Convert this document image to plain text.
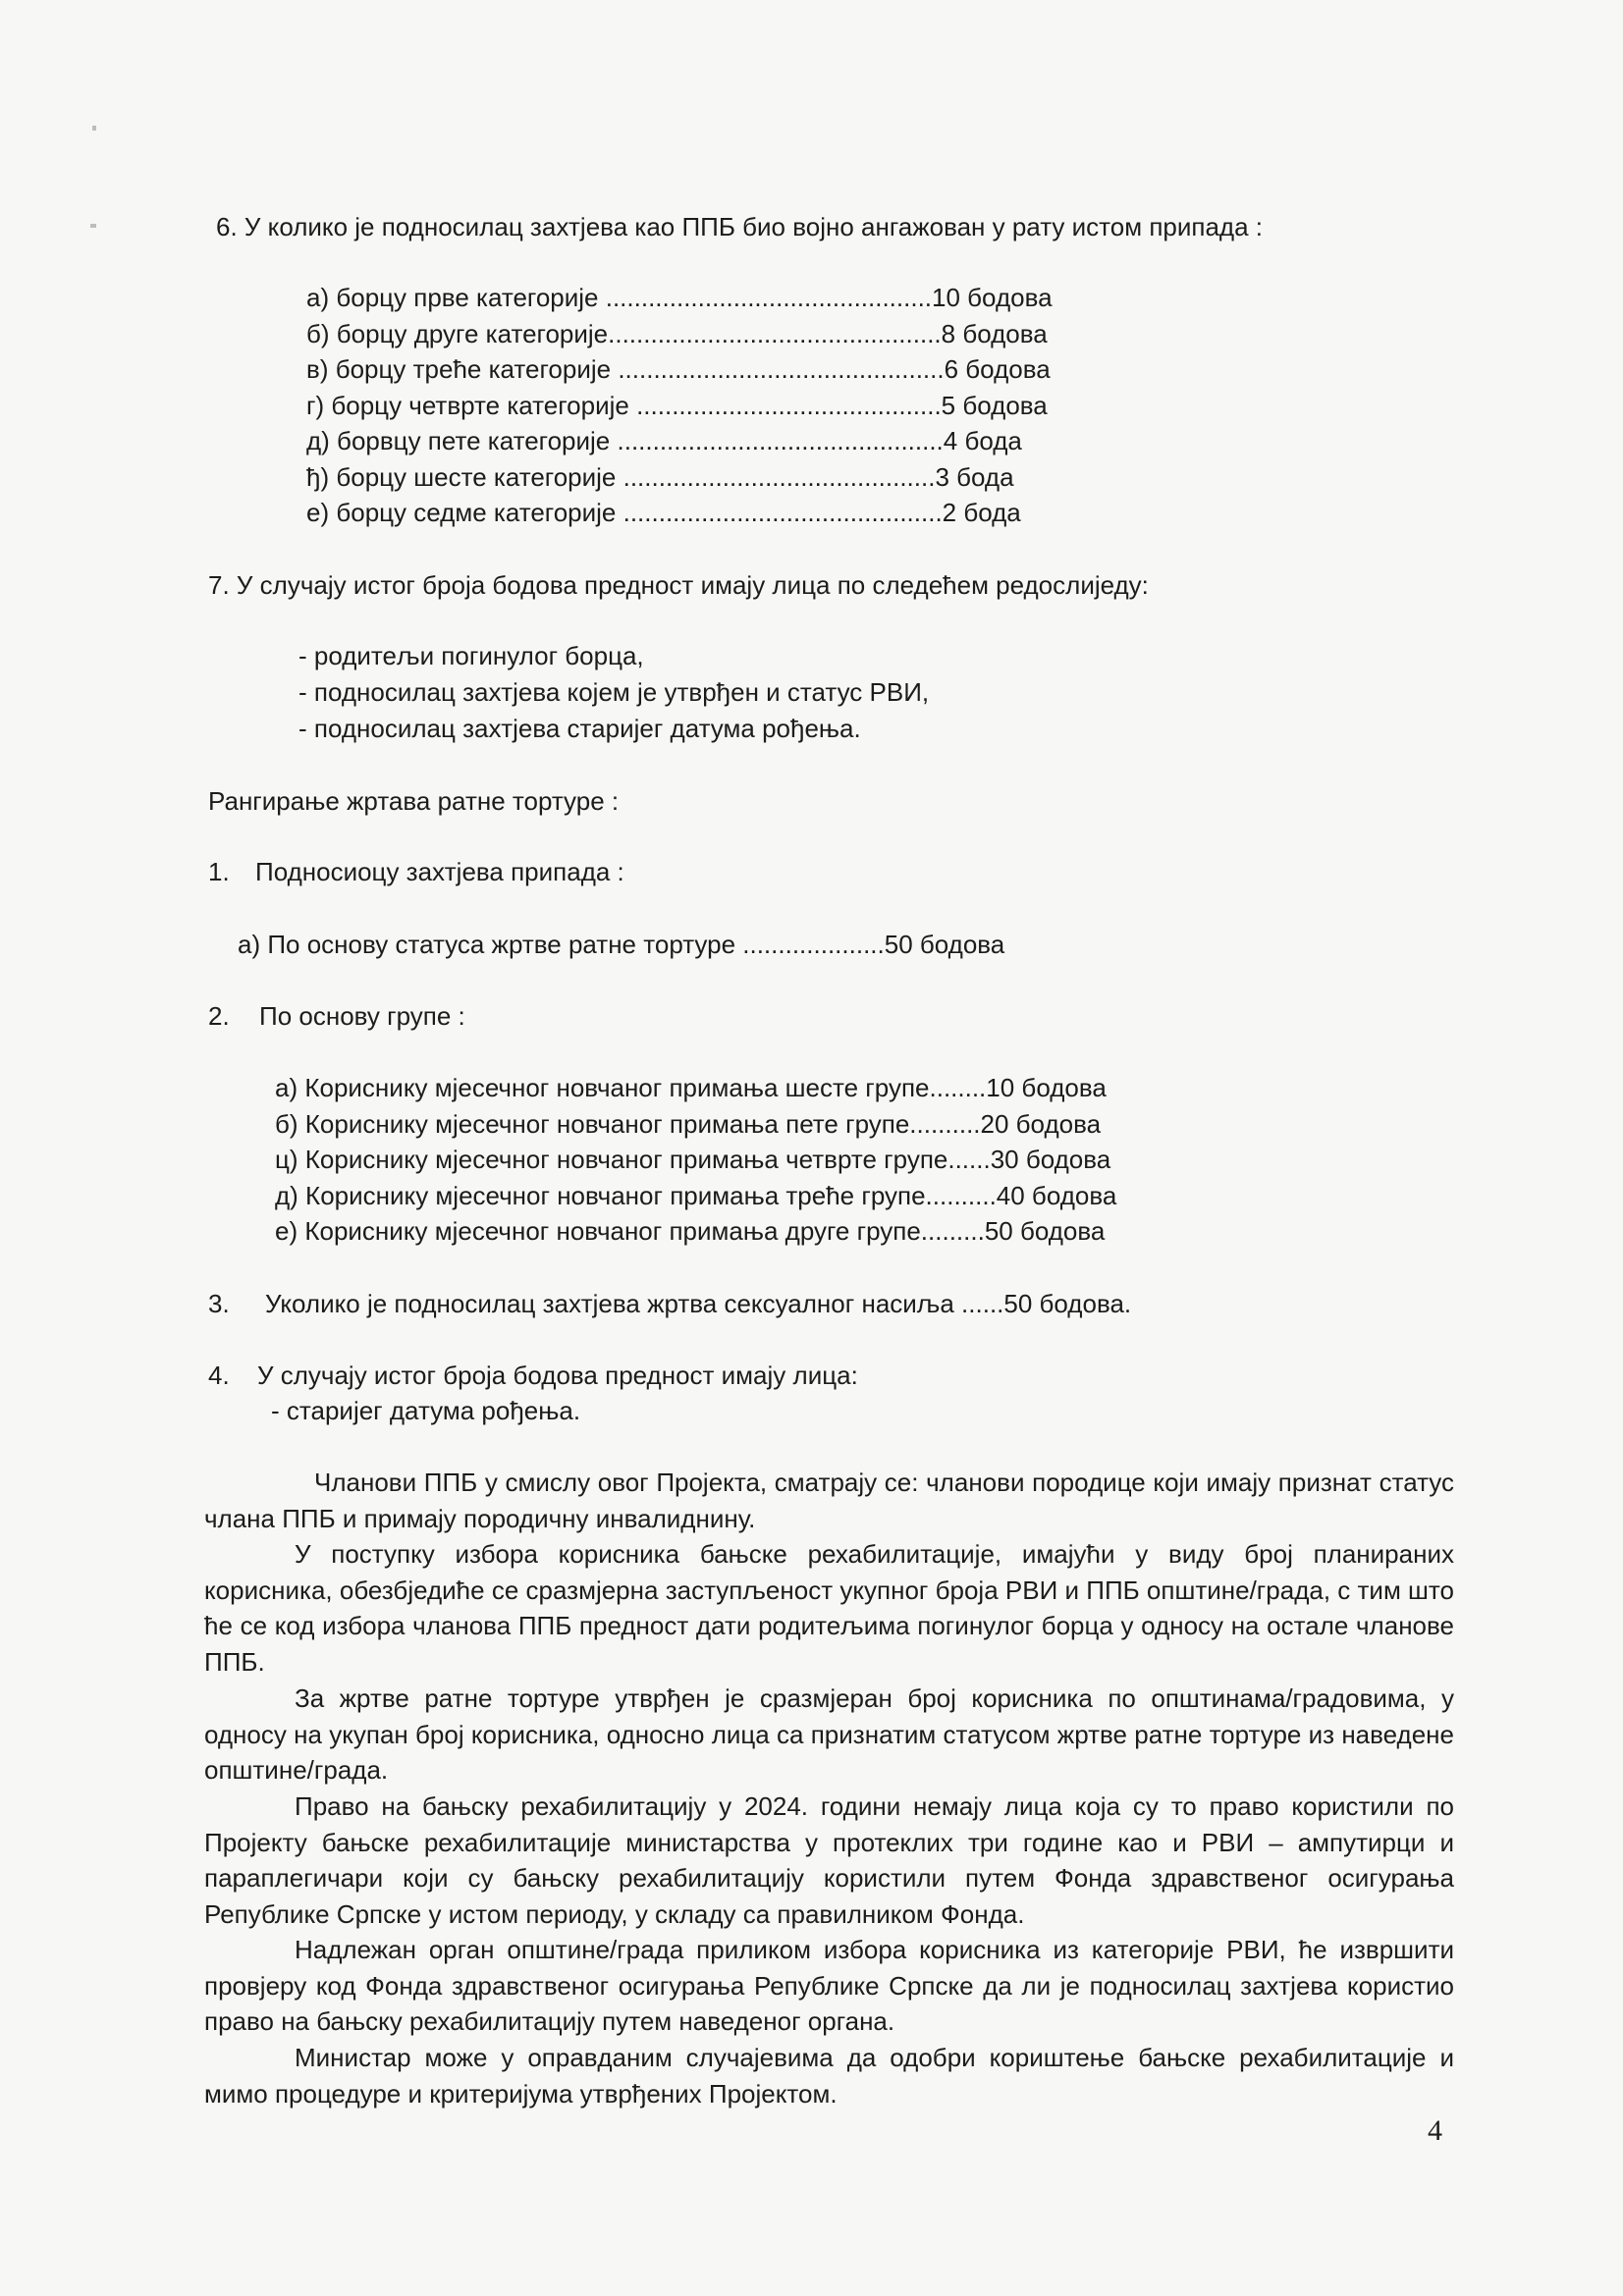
6. У колико је подносилац захтјева као ППБ био војно ангажован у рату истом припада :

а) борцу прве категорије ..............................................10 бодова
б) борцу друге категорије...............................................8 бодова
в) борцу треће категорије ..............................................6 бодова
г) борцу четврте категорије ...........................................5 бодова
д) борвцу пете категорије ..............................................4 бода
ђ) борцу шесте категорије ............................................3 бода
е) борцу седме категорије .............................................2 бода

7. У случају истог броја бодова предност имају лица по следећем редослиједу:

- родитељи погинулог борца,
- подносилац захтјева којем је утврђен и статус РВИ,
- подносилац захтјева старијег датума рођења.

Рангирање жртава ратне тортуре :

1. Подносиоцу захтјева припада :

а) По основу статуса жртве ратне тортуре ....................50 бодова

2. По основу групе :

а) Кориснику мјесечног новчаног примања шесте групе........10 бодова
б) Кориснику мјесечног новчаног примања пете групе..........20 бодова
ц) Кориснику мјесечног новчаног примања четврте групе......30 бодова
д) Кориснику мјесечног новчаног примања треће групе..........40 бодова
е) Кориснику мјесечног новчаног примања друге групе.........50 бодова

3. Уколико је подносилац захтјева жртва сексуалног насиља ......50 бодова.

4. У случају истог броја бодова предност имају лица:

- старијег датума рођења.

Чланови ППБ у смислу овог Пројекта, сматрају се: чланови породице који имају признат статус члана ППБ и примају породичну инвалиднину.

У поступку избора корисника бањске рехабилитације, имајући у виду број планираних корисника, обезбједиће се сразмјерна заступљеност укупног броја РВИ и ППБ општине/града, с тим што ће се код избора чланова ППБ предност дати родитељима погинулог борца у односу на остале чланове ППБ.

За жртве ратне тортуре утврђен је сразмјеран број корисника по општинама/градовима, у односу на укупан број корисника, односно лица са признатим статусом жртве ратне тортуре из наведене општине/града.

Право на бањску рехабилитацију у 2024. години немају лица која су то право користили по Пројекту бањске рехабилитације министарства у протеклих три године као и РВИ – ампутирци и параплегичари који су бањску рехабилитацију користили путем Фонда здравственог осигурања Републике Српске у истом периоду, у складу са правилником Фонда.

Надлежан орган општине/града приликом избора корисника из категорије РВИ, ће извршити провјеру код Фонда здравственог осигурања Републике Српске да ли је подносилац захтјева користио право на бањску рехабилитацију путем наведеног органа.

Министар може у оправданим случајевима да одобри кориштење бањске рехабилитације и мимо процедуре и критеријума утврђених Пројектом.

4
